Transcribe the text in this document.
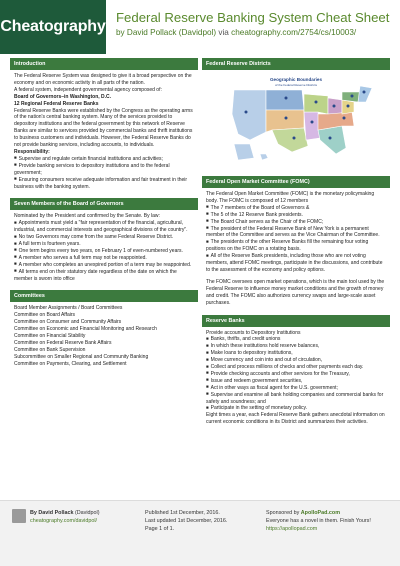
Cheatography
Federal Reserve Banking System Cheat Sheet
by David Pollack (Davidpol) via cheatography.com/2754/cs/10003/
Introduction

The Federal Reserve System was designed to give it a broad perspective on the economy and on economic activity in all parts of the nation.

A federal system, independent governmental agency composed of:

Board of Governors–in Washington, D.C.

12 Regional Federal Reserve Banks

Federal Reserve Banks were established by the Congress as the operating arms of the nation's central banking system. Many of the services provided to depository institutions and the federal government by this network of Reserve Banks are similar to services provided by commercial banks and thrift institutions to business customers and individuals. However, the Federal Reserve Banks do not provide banking services, including accounts, to individuals.

Responsibility:

■ Supervise and regulate certain financial institutions and activities;

■ Provide banking services to depository institutions and to the federal government;

■ Ensuring consumers receive adequate information and fair treatment in their business with the banking system.

Seven Members of the Board of Governors

Nominated by the President and confirmed by the Senate. By law:

■ Appointments must yield a "fair representation of the financial, agricultural, industrial, and commercial interests and geographical divisions of the country".

■ No two Governors may come from the same Federal Reserve District.

■ A full term is fourteen years.

■ One term begins every two years, on February 1 of even-numbered years.

■ A member who serves a full term may not be reappointed.

■ A member who completes an unexpired portion of a term may be reappointed.

■ All terms end on their statutory date regardless of the date on which the member is sworn into office

Committees

Board Member Assignments / Board Committees

Committee on Board Affairs

Committee on Consumer and Community Affairs

Committee on Economic and Financial Monitoring and Research

Committee on Financial Stability

Committee on Federal Reserve Bank Affairs

Committee on Bank Supervision

Subcommittee on Smaller Regional and Community Banking

Committee on Payments, Clearing, and Settlement

Federal Reserve Districts
Geographic Boundaries
of the Federal Reserve Districts
Federal Open Market Committee (FOMC)

The Federal Open Market Committee (FOMC) is the monetary policymaking body. The FOMC is composed of 12 members

■ The 7 members of the Board of Governors &

■ The 5 of the 12 Reserve Bank presidents.

■ The Board Chair serves as the Chair of the FOMC;

■ The president of the Federal Reserve Bank of New York is a permanent member of the Committee and serves as the Vice Chairman of the Committee.

■ The presidents of the other Reserve Banks fill the remaining four voting positions on the FOMC on a rotating basis.

■ All of the Reserve Bank presidents, including those who are not voting members, attend FOMC meetings, participate in the discussions, and contribute to the assessment of the economy and policy options.

The FOMC oversees open market operations, which is the main tool used by the Federal Reserve to influence money market conditions and the growth of money and credit. The FOMC also authorizes currency swaps and large-scale asset purchases.

Reserve Banks

Provide accounts to Depository Institutions

■ Banks, thrifts, and credit unions

■ In which these institutions hold reserve balances,

■ Make loans to depository institutions,

■ Move currency and coin into and out of circulation,

■ Collect and process millions of checks and other payments each day.

■ Provide checking accounts and other services for the Treasury,

■ Issue and redeem government securities,

■ Act in other ways as fiscal agent for the U.S. government;

■ Supervise and examine all bank holding companies and commercial banks for safety and soundness; and

■ Participate in the setting of monetary policy.

Eight times a year, each Federal Reserve Bank gathers anecdotal information on current economic conditions in its District and summarizes their activities.

By David Pollack (Davidpol)
cheatography.com/davidpol/
Published 1st December, 2016.
Last updated 1st December, 2016.
Page 1 of 1.
Sponsored by ApolloPad.com
Everyone has a novel in them. Finish Yours!
https://apollopad.com
